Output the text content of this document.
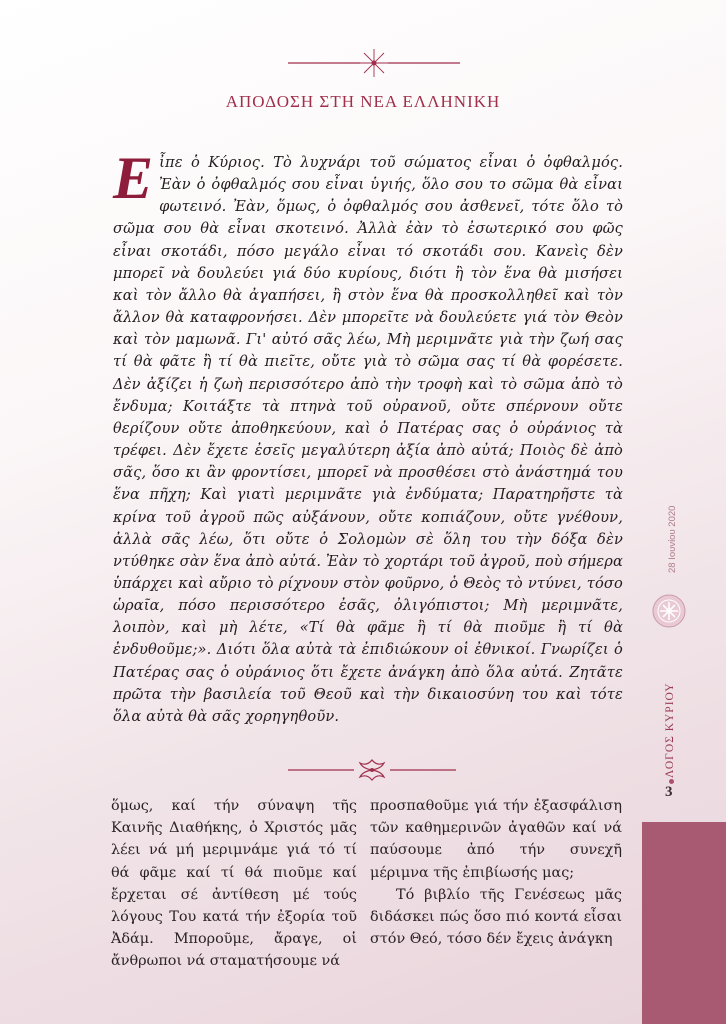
ΑΠΟΔΟΣΗ ΣΤΗ ΝΕΑ ΕΛΛΗΝΙΚΗ
Εἶπε ὁ Κύριος. Τὸ λυχνάρι τοῦ σώματος εἶναι ὁ ὀφθαλμός. Ἐὰν ὁ ὀφθαλμός σου εἶναι ὑγιής, ὅλο σου το σῶμα θὰ εἶναι φωτεινό. Ἐὰν, ὅμως, ὁ ὀφθαλμός σου ἀσθενεῖ, τότε ὅλο τὸ σῶμα σου θὰ εἶναι σκοτεινό. Ἀλλὰ ἐὰν τὸ ἐσωτερικό σου φῶς εἶναι σκοτάδι, πόσο μεγάλο εἶναι τό σκοτάδι σου. Κανεὶς δὲν μπορεῖ νὰ δουλεύει γιά δύο κυρίους, διότι ἢ τὸν ἕνα θὰ μισήσει καὶ τὸν ἄλλο θὰ ἀγαπήσει, ἢ στὸν ἕνα θὰ προσκολληθεῖ καὶ τὸν ἄλλον θὰ καταφρονήσει. Δὲν μπορεῖτε νὰ δουλεύετε γιά τὸν Θεὸν καὶ τὸν μαμωνᾶ. Γι' αὐτό σᾶς λέω, Μὴ μεριμνᾶτε γιὰ τὴν ζωή σας τί θὰ φᾶτε ἢ τί θὰ πιεῖτε, οὔτε γιὰ τὸ σῶμα σας τί θὰ φορέσετε. Δὲν ἀξίζει ἡ ζωὴ περισσότερο ἀπὸ τὴν τροφὴ καὶ τὸ σῶμα ἀπὸ τὸ ἔνδυμα; Κοιτάξτε τὰ πτηνὰ τοῦ οὐρανοῦ, οὔτε σπέρνουν οὔτε θερίζουν οὔτε ἀποθηκεύουν, καὶ ὁ Πατέρας σας ὁ οὐράνιος τὰ τρέφει. Δὲν ἔχετε ἐσεῖς μεγαλύτερη ἀξία ἀπὸ αὐτά; Ποιὸς δὲ ἀπὸ σᾶς, ὅσο κι ἂν φροντίσει, μπορεῖ νὰ προσθέσει στὸ ἀνάστημά του ἕνα πῆχη; Καὶ γιατὶ μεριμνᾶτε γιὰ ἐνδύματα; Παρατηρῆστε τὰ κρίνα τοῦ ἀγροῦ πῶς αὐξάνουν, οὔτε κοπιάζουν, οὔτε γνέθουν, ἀλλὰ σᾶς λέω, ὅτι οὔτε ὁ Σολομὼν σὲ ὅλη του τὴν δόξα δὲν ντύθηκε σὰν ἕνα ἀπὸ αὐτά. Ἐὰν τὸ χορτάρι τοῦ ἀγροῦ, ποὺ σήμερα ὑπάρχει καὶ αὔριο τὸ ρίχνουν στὸν φοῦρνο, ὁ Θεὸς τὸ ντύνει, τόσο ὡραῖα, πόσο περισσότερο ἐσᾶς, ὀλιγόπιστοι; Μὴ μεριμνᾶτε, λοιπὸν, καὶ μὴ λέτε, «Τί θὰ φᾶμε ἢ τί θὰ πιοῦμε ἢ τί θὰ ἐνδυθοῦμε;». Διότι ὅλα αὐτὰ τὰ ἐπιδιώκουν οἱ ἐθνικοί. Γνωρίζει ὁ Πατέρας σας ὁ οὐράνιος ὅτι ἔχετε ἀνάγκη ἀπὸ ὅλα αὐτά. Ζητᾶτε πρῶτα τὴν βασιλεία τοῦ Θεοῦ καὶ τὴν δικαιοσύνη του καὶ τότε ὅλα αὐτὰ θὰ σᾶς χορηγηθοῦν.

ὅμως, καί τήν σύναψη τῆς Καινῆς Διαθήκης, ὁ Χριστός μᾶς λέει νά μή μεριμνάμε γιά τό τί θά φᾶμε καί τί θά πιοῦμε καί ἔρχεται σέ ἀντίθεση μέ τούς λόγους Του κατά τήν ἐξορία τοῦ Ἀδάμ. Μποροῦμε, ἄραγε, οἱ ἄνθρωποι νά σταματήσουμε νά

προσπαθοῦμε γιά τήν ἐξασφάλιση τῶν καθημερινῶν ἀγαθῶν καί νά παύσουμε ἀπό τήν συνεχῆ μέριμνα τῆς ἐπιβίωσής μας;

Τό βιβλίο τῆς Γενέσεως μᾶς διδάσκει πώς ὅσο πιό κοντά εἶσαι στόν Θεό, τόσο δέν ἔχεις ἀνάγκη

28 Ιουνίου 2020
ΛΟΓΟΣ ΚΥΡΙΟΥ
3
